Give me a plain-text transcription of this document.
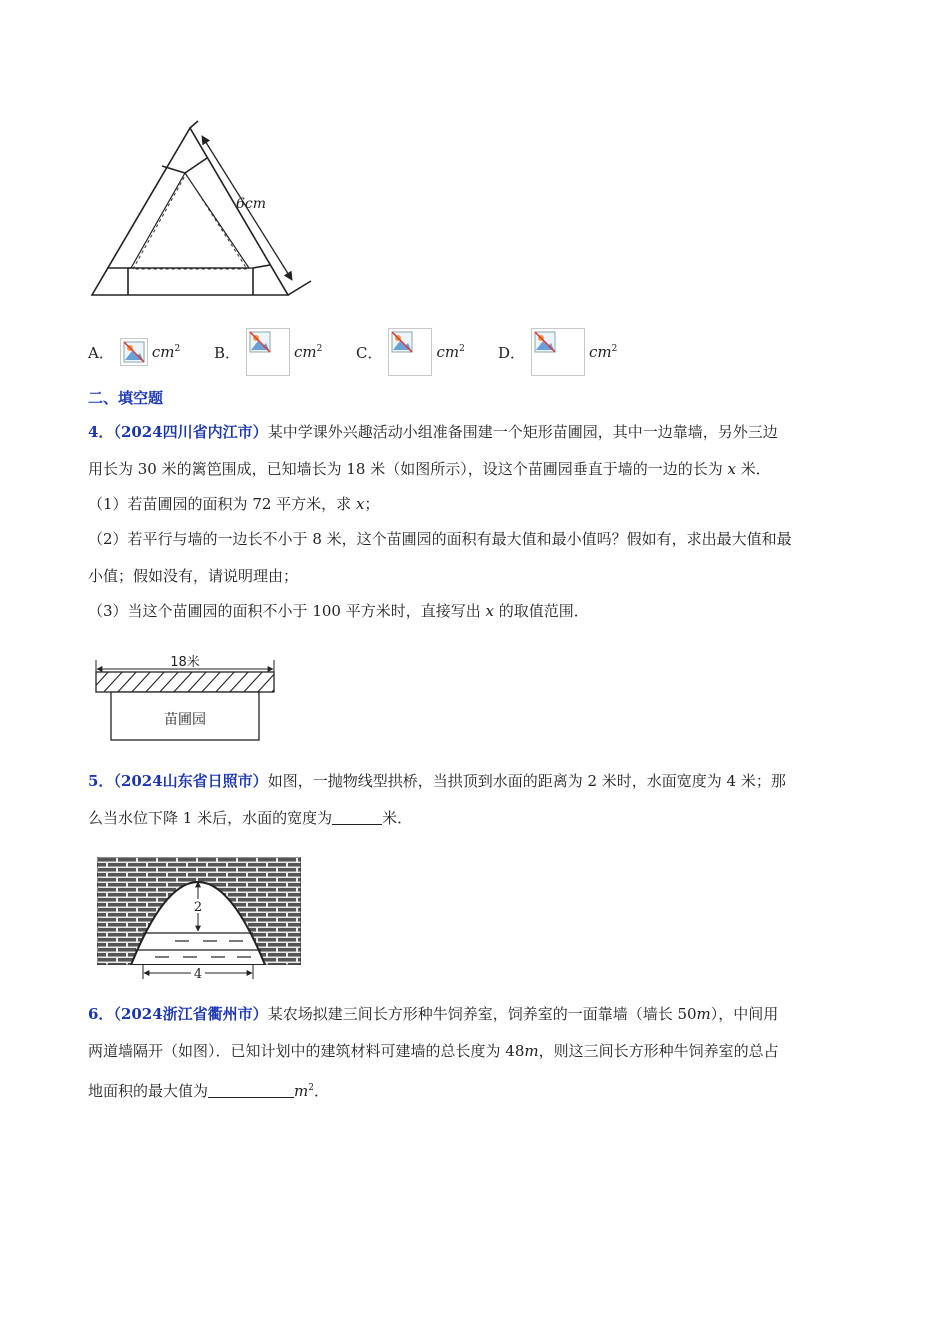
6cm
A．	$cm^2$ B．	$cm^2$ C．	$cm^2$ D．	$cm^2$
二、填空题
4．（2024四川省内江市）某中学课外兴趣活动小组准备围建一个矩形苗圃园，其中一边靠墙，另外三边
用长为 30 米的篱笆围成，已知墙长为 18 米（如图所示），设这个苗圃园垂直于墙的一边的长为 x 米．
（1）若苗圃园的面积为 72 平方米，求 x；
（2）若平行与墙的一边长不小于 8 米，这个苗圃园的面积有最大值和最小值吗？假如有，求出最大值和最
小值；假如没有，请说明理由；
（3）当这个苗圃园的面积不小于 100 平方米时，直接写出 x 的取值范围．
18米
苗圃园
5．（2024山东省日照市）如图，一抛物线型拱桥，当拱顶到水面的距离为 2 米时，水面宽度为 4 米；那
么当水位下降 1 米后，水面的宽度为	米．
2
4
6．（2024浙江省衢州市）某农场拟建三间长方形种牛饲养室，饲养室的一面靠墙（墙长 50m），中间用
两道墙隔开（如图）．已知计划中的建筑材料可建墙的总长度为 48m，则这三间长方形种牛饲养室的总占
地面积的最大值为	$m^2$．
